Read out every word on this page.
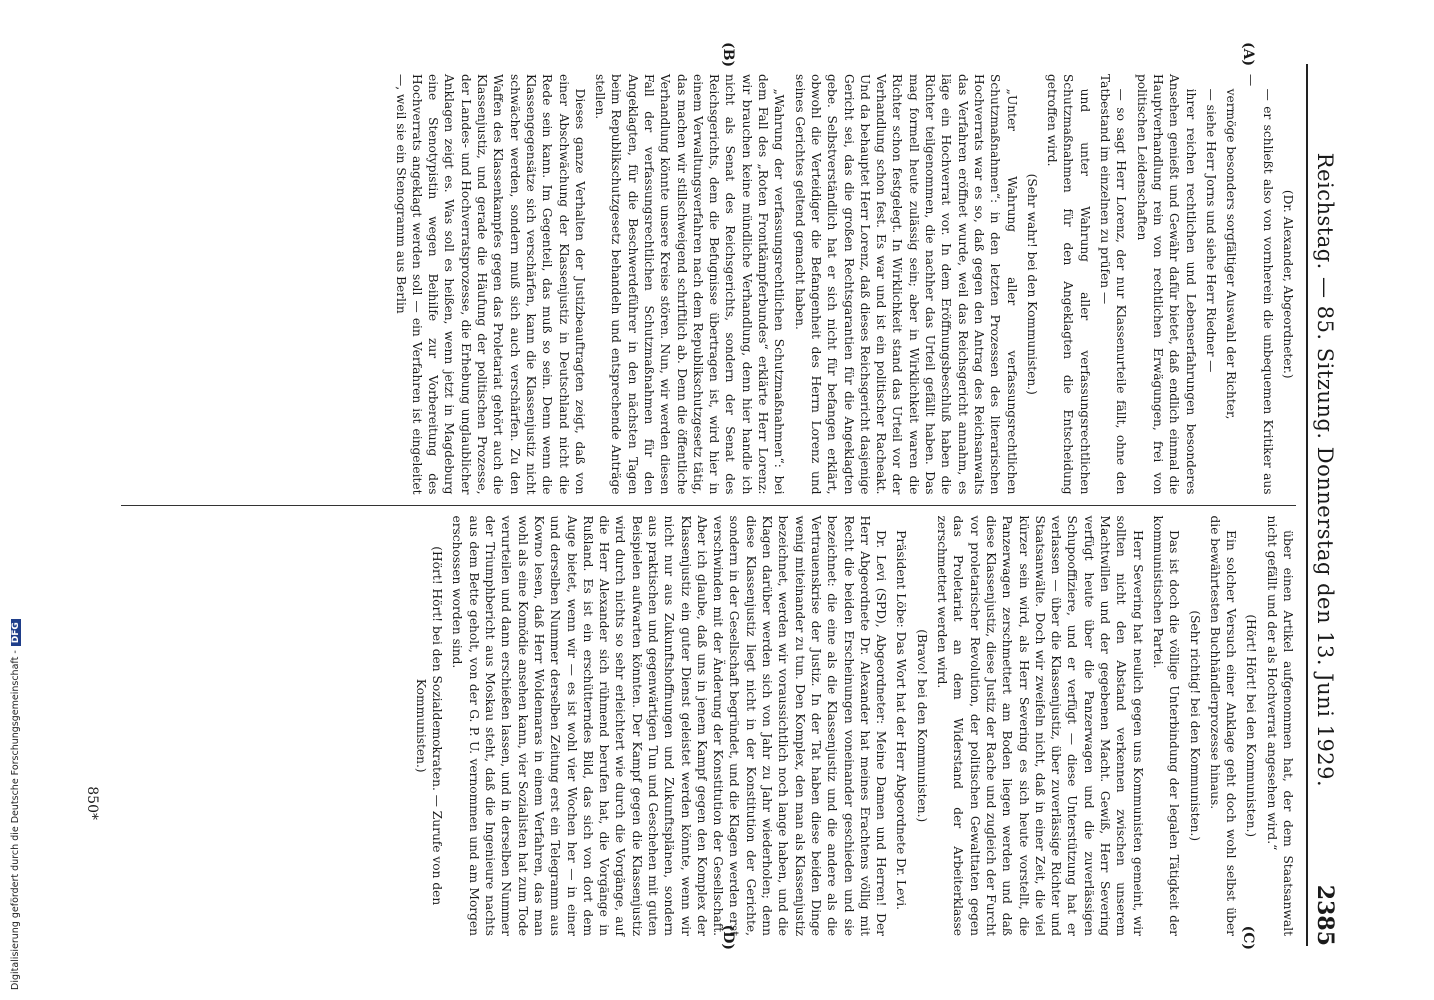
Reichstag. — 85. Sitzung. Donnerstag den 13. Juni 1929.
2385

(Dr. Alexander, Abgeordneter.)

— er schließt also von vornherein die unbequemen Kritiker aus —

vermöge besonders sorgfältiger Auswahl der Richter,

— siehe Herr Jorns und siehe Herr Riedner —

ihrer reichen rechtlichen und Lebenserfahrungen besonderes Ansehen genießt und Gewähr dafür bietet, daß endlich einmal die Hauptverhandlung rein von rechtlichen Erwägungen, frei von politischen Leidenschaften

— so sagt Herr Lorenz, der nur Klassenurteile fällt, ohne den Tatbestand im einzelnen zu prüfen —

und unter Wahrung aller verfassungsrechtlichen Schutzmaßnahmen für den Angeklagten die Entscheidung getroffen wird.

(Sehr wahr! bei den Kommunisten.)

„Unter Wahrung aller verfassungsrechtlichen Schutzmaßnahmen“: in den letzten Prozessen des literarischen Hochverrats war es so, daß gegen den Antrag des Reichsanwalts das Verfahren eröffnet wurde, weil das Reichsgericht annahm, es läge ein Hochverrat vor. In dem Eröffnungsbeschluß haben die Richter teilgenommen, die nachher das Urteil gefällt haben. Das mag formell heute zulässig sein; aber in Wirklichkeit waren die Richter schon festgelegt. In Wirklichkeit stand das Urteil vor der Verhandlung schon fest. Es war und ist ein politischer Racheakt. Und da behauptet Herr Lorenz, daß dieses Reichsgericht dasjenige Gericht sei, das die großen Rechtsgarantien für die Angeklagten gebe. Selbstverständlich hat er sich nicht für befangen erklärt, obwohl die Verteidiger die Befangenheit des Herrn Lorenz und seines Gerichtes geltend gemacht haben.

„Wahrung der verfassungsrechtlichen Schutzmaßnahmen“: bei dem Fall des „Roten Frontkämpferbundes“ erklärte Herr Lorenz: wir brauchen keine mündliche Verhandlung, denn hier handle ich nicht als Senat des Reichsgerichts, sondern der Senat des Reichsgerichts, dem die Befugnisse übertragen ist, wird hier in einem Verwaltungsverfahren nach dem Republikschutzgesetz tätig, das machen wir stillschweigend schriftlich ab. Denn die öffentliche Verhandlung könnte unsere Kreise stören. Nun, wir werden diesen Fall der verfassungsrechtlichen Schutzmaßnahmen für den Angeklagten, für die Beschwerdeführer in den nächsten Tagen beim Republikschutzgesetz behandeln und entsprechende Anträge stellen.

Dieses ganze Verhalten der Justizbeauftragten zeigt, daß von einer Abschwächung der Klassenjustiz in Deutschland nicht die Rede sein kann. Im Gegenteil, das muß so sein. Denn wenn die Klassengegensätze sich verschärfen, kann die Klassenjustiz nicht schwächer werden, sondern muß sich auch verschärfen. Zu den Waffen des Klassenkampfes gegen das Proletariat gehört auch die Klassenjustiz, und gerade die Häufung der politischen Prozesse, der Landes- und Hochverratsprozesse, die Erhebung unglaublicher Anklagen zeigt es. Was soll es heißen, wenn jetzt in Magdeburg eine Stenotypistin wegen Beihilfe zur Vorbereitung des Hochverrats angeklagt werden soll — ein Verfahren ist eingeleitet —, weil sie ein Stenogramm aus Berlin

(A)
(B)

über einen Artikel aufgenommen hat, der dem Staatsanwalt nicht gefällt und der als Hochverrat angesehen wird.“

(Hört! Hört! bei den Kommunisten.)

Ein solcher Versuch einer Anklage geht doch wohl selbst über die bewährtesten Buchhändlerprozesse hinaus.

(Sehr richtig! bei den Kommunisten.)

Das ist doch die völlige Unterbindung der legalen Tätigkeit der kommunistischen Partei.

Herr Severing hat neulich gegen uns Kommunisten gemeint, wir sollten nicht den Abstand verkennen zwischen unserem Machtwillen und der gegebenen Macht. Gewiß, Herr Severing verfügt heute über die Panzerwagen und die zuverlässigen Schupooffiziere, und er verfügt — diese Unterstützung hat er verlassen — über die Klassenjustiz, über zuverlässige Richter und Staatsanwälte. Doch wir zweifeln nicht, daß in einer Zeit, die viel kürzer sein wird, als Herr Severing es sich heute vorstellt, die Panzerwagen zerschmettert am Boden liegen werden und daß diese Klassenjustiz, diese Justiz der Rache und zugleich der Furcht vor proletarischer Revolution, der politischen Gewalttaten gegen das Proletariat an dem Widerstand der Arbeiterklasse zerschmettert werden wird.

(Bravo! bei den Kommunisten.)

Präsident Löbe: Das Wort hat der Herr Abgeordnete Dr. Levi.

Dr. Levi (SPD), Abgeordneter: Meine Damen und Herren! Der Herr Abgeordnete Dr. Alexander hat meines Erachtens völlig mit Recht die beiden Erscheinungen voneinander geschieden und sie bezeichnet: die eine als die Klassenjustiz und die andere als die Vertrauenskrise der Justiz. In der Tat haben diese beiden Dinge wenig miteinander zu tun. Den Komplex, den man als Klassenjustiz bezeichnet, werden wir voraussichtlich noch lange haben, und die Klagen darüber werden sich von Jahr zu Jahr wiederholen; denn diese Klassenjustiz liegt nicht in der Konstitution der Gerichte, sondern in der Gesellschaft begründet, und die Klagen werden erst verschwinden mit der Änderung der Konstitution der Gesellschaft. Aber ich glaube, daß uns in jenem Kampf gegen den Komplex der Klassenjustiz ein guter Dienst geleistet werden könnte, wenn wir nicht nur aus Zukunftshoffnungen und Zukunftsplänen, sondern aus praktischen und gegenwärtigen Tun und Geschehen mit guten Beispielen aufwarten könnten. Der Kampf gegen die Klassenjustiz wird durch nichts so sehr erleichtert wie durch die Vorgänge, auf die Herr Alexander sich rühmend berufen hat, die Vorgänge in Rußland. Es ist ein erschütterndes Bild, das sich von dort dem Auge bietet, wenn wir — es ist wohl vier Wochen her — in einer und derselben Nummer derselben Zeitung erst ein Telegramm aus Kowno lesen, daß Herr Woldemaras in einem Verfahren, das man wohl als eine Komödie ansehen kann, vier Sozialisten hat zum Tode verurteilen und dann erschießen lassen, und in derselben Nummer der Triumphbericht aus Moskau steht, daß die Ingenieure nachts aus dem Bette geholt, von der G. P. U. vernommen und am Morgen erschossen worden sind.

(Hört! Hört! bei den Sozialdemokraten. — Zurufe von den Kommunisten.)

(C)
(D)
850*
Digitalisierung gefördert durch die Deutsche Forschungsgemeinschaft -DFG
